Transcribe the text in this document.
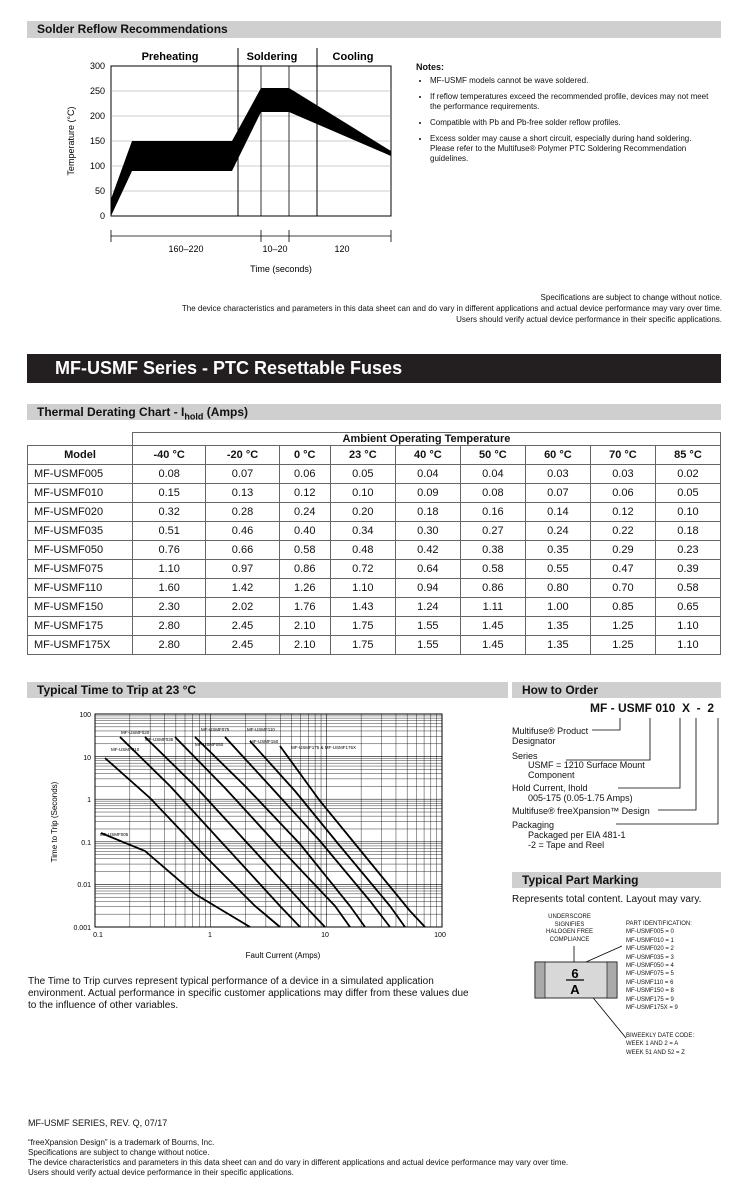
Solder Reflow Recommendations
Preheating	Soldering	Cooling
300
250
200
150
100
50
0
Temperature (°C)
160–220	10–20	120
Time (seconds)
Notes:
• MF-USMF models cannot be wave soldered.
• If reflow temperatures exceed the recommended profile, devices may not meet the performance requirements.
• Compatible with Pb and Pb-free solder reflow profiles.
• Excess solder may cause a short circuit, especially during hand soldering. Please refer to the Multifuse® Polymer PTC Soldering Recommendation guidelines.
Specifications are subject to change without notice.
The device characteristics and parameters in this data sheet can and do vary in different applications and actual device performance may vary over time.
Users should verify actual device performance in their specific applications.
MF-USMF Series - PTC Resettable Fuses
Thermal Derating Chart - $I_{hold}$ (Amps)
	Ambient Operating Temperature								
Model	-40 °C	-20 °C	0 °C	23 °C	40 °C	50 °C	60 °C	70 °C	85 °C
MF-USMF005	0.08	0.07	0.06	0.05	0.04	0.04	0.03	0.03	0.02
MF-USMF010	0.15	0.13	0.12	0.10	0.09	0.08	0.07	0.06	0.05
MF-USMF020	0.32	0.28	0.24	0.20	0.18	0.16	0.14	0.12	0.10
MF-USMF035	0.51	0.46	0.40	0.34	0.30	0.27	0.24	0.22	0.18
MF-USMF050	0.76	0.66	0.58	0.48	0.42	0.38	0.35	0.29	0.23
MF-USMF075	1.10	0.97	0.86	0.72	0.64	0.58	0.55	0.47	0.39
MF-USMF110	1.60	1.42	1.26	1.10	0.94	0.86	0.80	0.70	0.58
MF-USMF150	2.30	2.02	1.76	1.43	1.24	1.11	1.00	0.85	0.65
MF-USMF175	2.80	2.45	2.10	1.75	1.55	1.45	1.35	1.25	1.10
MF-USMF175X	2.80	2.45	2.10	1.75	1.55	1.45	1.35	1.25	1.10
Typical Time to Trip at 23 °C
100
10
1
0.1
0.01
0.001
0.1	1	10	100
Time to Trip (Seconds)
Fault Current (Amps)
MF-USMF005
MF-USMF010
MF-USMF020
MF-USMF035
MF-USMF050
MF-USMF075	MF-USMF110
MF-USMF150
MF-USMF175 & MF-USMF175X
The Time to Trip curves represent typical performance of a device in a simulated application environment. Actual performance in specific customer applications may differ from these values due to the influence of other variables.
How to Order
MF - USMF 010  X  -  2
Multifuse® Product
Designator
Series
USMF = 1210 Surface Mount
Component
Hold Current, Ihold
005-175 (0.05-1.75 Amps)
Multifuse® freeXpansion™ Design
Packaging
Packaged per EIA 481-1
-2 = Tape and Reel
Typical Part Marking
Represents total content. Layout may vary.
UNDERSCORE
SIGNIFIES
HALOGEN FREE
COMPLIANCE
PART IDENTIFICATION:
MF-USMF005 = 0
MF-USMF010 = 1
MF-USMF020 = 2
MF-USMF035 = 3
MF-USMF050 = 4
MF-USMF075 = 5
MF-USMF110 = 6
MF-USMF150 = 8
MF-USMF175 = 9
MF-USMF175X = 9
6
A
BIWEEKLY DATE CODE:
WEEK 1 AND 2 = A
WEEK 51 AND 52 = Z
MF-USMF SERIES, REV. Q, 07/17
“freeXpansion Design” is a trademark of Bourns, Inc.
Specifications are subject to change without notice.
The device characteristics and parameters in this data sheet can and do vary in different applications and actual device performance may vary over time.
Users should verify actual device performance in their specific applications.
